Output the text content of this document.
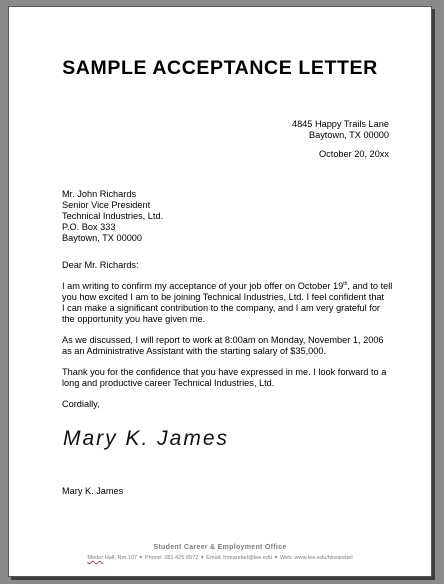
SAMPLE ACCEPTANCE LETTER
4845 Happy Trails Lane
Baytown, TX 00000
October 20, 20xx
Mr. John Richards
Senior Vice President
Technical Industries, Ltd.
P.O. Box 333
Baytown, TX 00000
Dear Mr. Richards:
I am writing to confirm my acceptance of your job offer on October 19th, and to tell
you how excited I am to be joining Technical Industries, Ltd. I feel confident that
I can make a significant contribution to the company, and I am very grateful for
the opportunity you have given me.
As we discussed, I will report to work at 8:00am on Monday, November 1, 2006
as an Administrative Assistant with the starting salary of $35,000.
Thank you for the confidence that you have expressed in me. I look forward to a
long and productive career Technical Industries, Ltd.
Cordially,
Mary K. James
Mary K. James
Student Career & Employment Office
Moder Hall, Rm 107 ✦ Phone: 281.425.6572 ✦ Email: hirearebel@lee.edu ✦ Web: www.lee.edu/hirearebel
